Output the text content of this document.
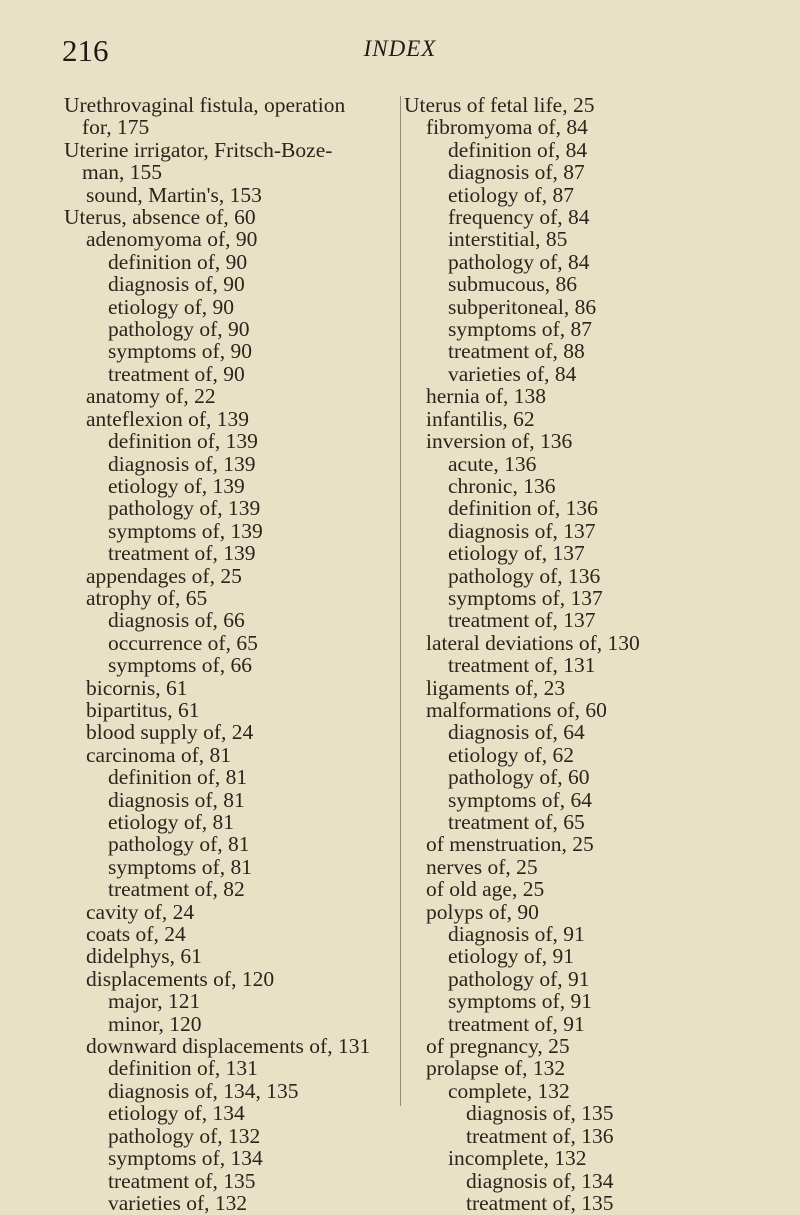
216	INDEX
Urethrovaginal fistula, operation
for, 175
Uterine irrigator, Fritsch-Boze-
man, 155
sound, Martin's, 153
Uterus, absence of, 60
adenomyoma of, 90
definition of, 90
diagnosis of, 90
etiology of, 90
pathology of, 90
symptoms of, 90
treatment of, 90
anatomy of, 22
anteflexion of, 139
definition of, 139
diagnosis of, 139
etiology of, 139
pathology of, 139
symptoms of, 139
treatment of, 139
appendages of, 25
atrophy of, 65
diagnosis of, 66
occurrence of, 65
symptoms of, 66
bicornis, 61
bipartitus, 61
blood supply of, 24
carcinoma of, 81
definition of, 81
diagnosis of, 81
etiology of, 81
pathology of, 81
symptoms of, 81
treatment of, 82
cavity of, 24
coats of, 24
didelphys, 61
displacements of, 120
major, 121
minor, 120
downward displacements of, 131
definition of, 131
diagnosis of, 134, 135
etiology of, 134
pathology of, 132
symptoms of, 134
treatment of, 135
varieties of, 132
Uterus of fetal life, 25
fibromyoma of, 84
definition of, 84
diagnosis of, 87
etiology of, 87
frequency of, 84
interstitial, 85
pathology of, 84
submucous, 86
subperitoneal, 86
symptoms of, 87
treatment of, 88
varieties of, 84
hernia of, 138
infantilis, 62
inversion of, 136
acute, 136
chronic, 136
definition of, 136
diagnosis of, 137
etiology of, 137
pathology of, 136
symptoms of, 137
treatment of, 137
lateral deviations of, 130
treatment of, 131
ligaments of, 23
malformations of, 60
diagnosis of, 64
etiology of, 62
pathology of, 60
symptoms of, 64
treatment of, 65
of menstruation, 25
nerves of, 25
of old age, 25
polyps of, 90
diagnosis of, 91
etiology of, 91
pathology of, 91
symptoms of, 91
treatment of, 91
of pregnancy, 25
prolapse of, 132
complete, 132
diagnosis of, 135
treatment of, 136
incomplete, 132
diagnosis of, 134
treatment of, 135
